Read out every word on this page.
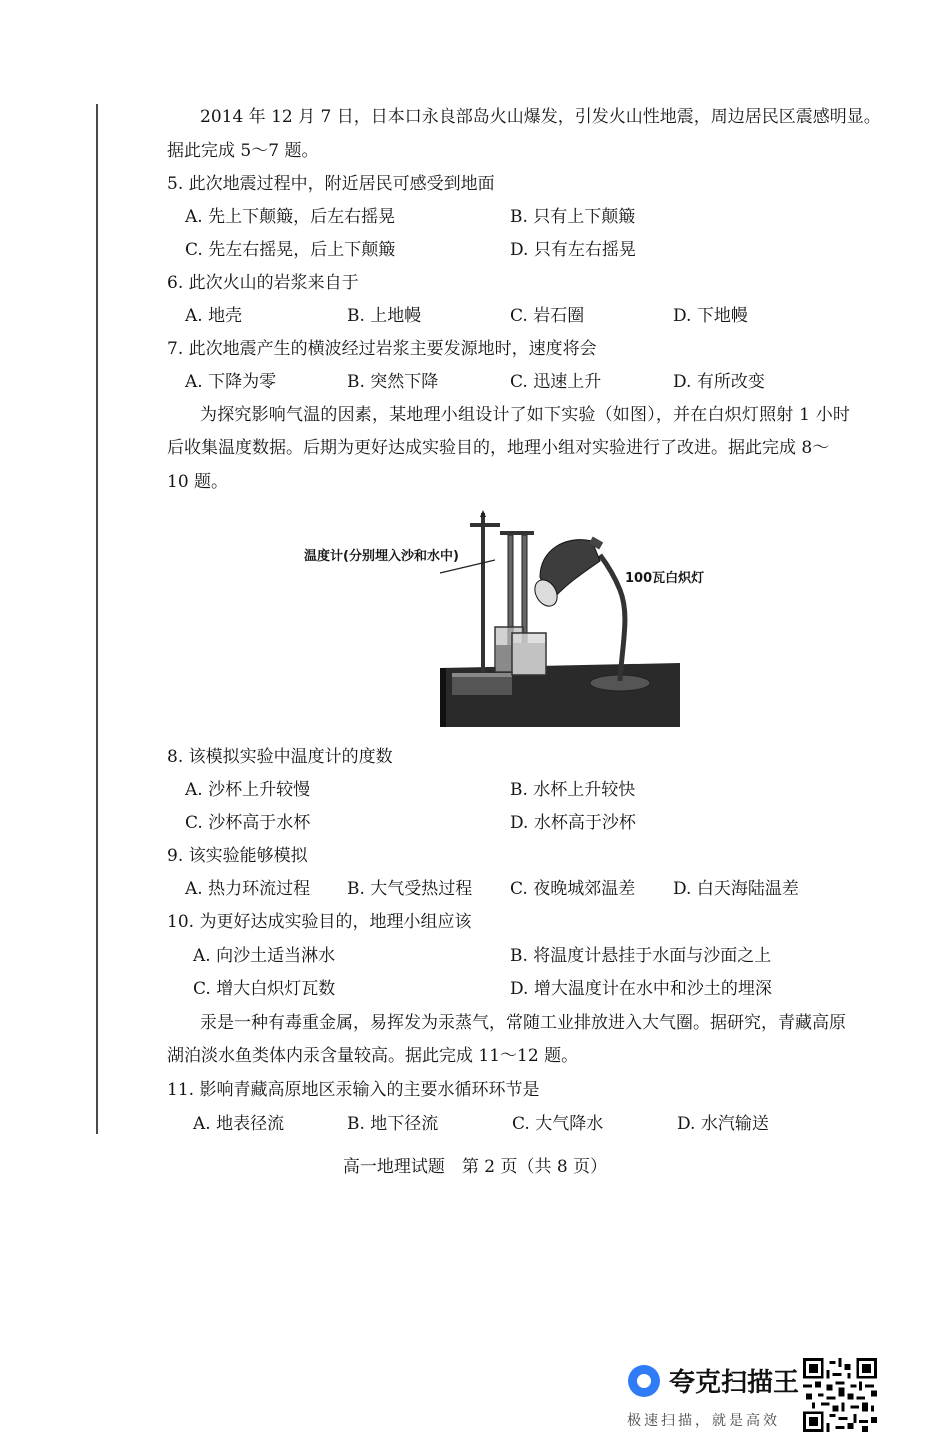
2014 年 12 月 7 日，日本口永良部岛火山爆发，引发火山性地震，周边居民区震感明显。
据此完成 5～7 题。
5. 此次地震过程中，附近居民可感受到地面
A. 先上下颠簸，后左右摇晃	B. 只有上下颠簸
C. 先左右摇晃，后上下颠簸	D. 只有左右摇晃
6. 此次火山的岩浆来自于
A. 地壳	B. 上地幔	C. 岩石圈	D. 下地幔
7. 此次地震产生的横波经过岩浆主要发源地时，速度将会
A. 下降为零	B. 突然下降	C. 迅速上升	D. 有所改变
为探究影响气温的因素，某地理小组设计了如下实验（如图），并在白炽灯照射 1 小时
后收集温度数据。后期为更好达成实验目的，地理小组对实验进行了改进。据此完成 8～
10 题。
温度计(分别埋入沙和水中)
100瓦白炽灯
8. 该模拟实验中温度计的度数
A. 沙杯上升较慢	B. 水杯上升较快
C. 沙杯高于水杯	D. 水杯高于沙杯
9. 该实验能够模拟
A. 热力环流过程 B. 大气受热过程 C. 夜晚城郊温差 D. 白天海陆温差
10. 为更好达成实验目的，地理小组应该
A. 向沙土适当淋水	B. 将温度计悬挂于水面与沙面之上
C. 增大白炽灯瓦数	D. 增大温度计在水中和沙土的埋深
汞是一种有毒重金属，易挥发为汞蒸气，常随工业排放进入大气圈。据研究，青藏高原
湖泊淡水鱼类体内汞含量较高。据此完成 11～12 题。
11. 影响青藏高原地区汞输入的主要水循环环节是
A. 地表径流	B. 地下径流	C. 大气降水	D. 水汽输送
高一地理试题　第 2 页（共 8 页）
夸克扫描王
极速扫描，就是高效
